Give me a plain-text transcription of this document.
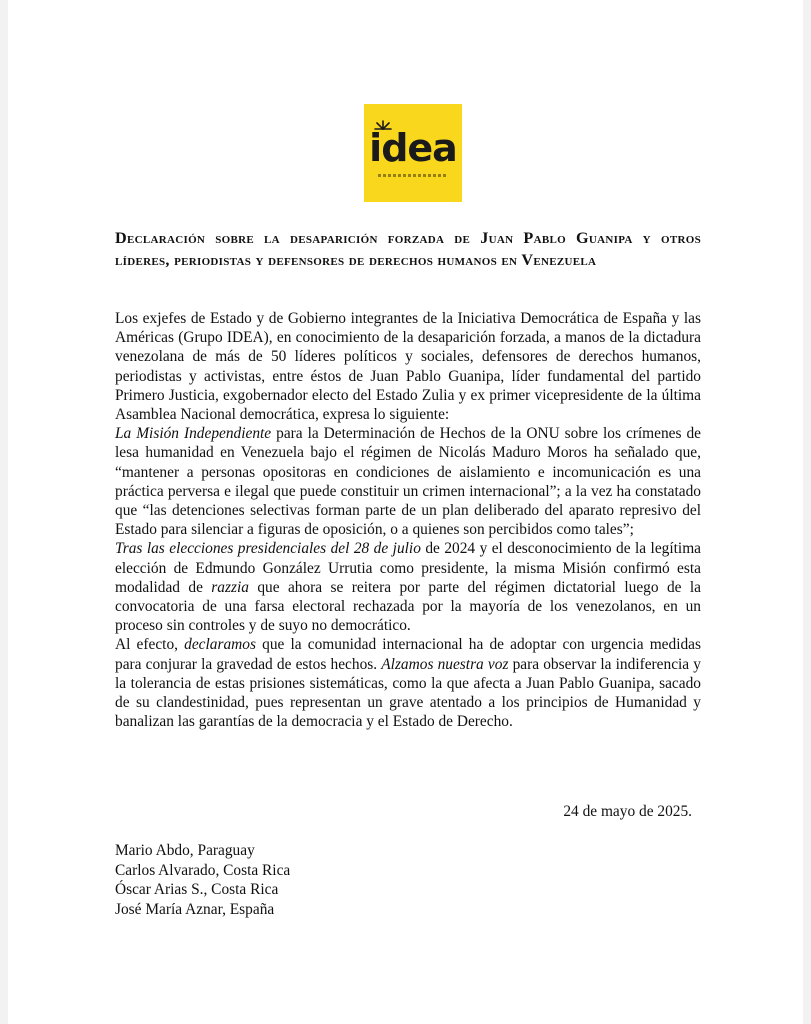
idea
Declaración sobre la desaparición forzada de Juan Pablo Guanipa y otros líderes, periodistas y defensores de derechos humanos en Venezuela

Los exjefes de Estado y de Gobierno integrantes de la Iniciativa Democrática de España y las Américas (Grupo IDEA), en conocimiento de la desaparición forzada, a manos de la dictadura venezolana de más de 50 líderes políticos y sociales, defensores de derechos humanos, periodistas y activistas, entre éstos de Juan Pablo Guanipa, líder fundamental del partido Primero Justicia, exgobernador electo del Estado Zulia y ex primer vicepresidente de la última Asamblea Nacional democrática, expresa lo siguiente:

La Misión Independiente para la Determinación de Hechos de la ONU sobre los crímenes de lesa humanidad en Venezuela bajo el régimen de Nicolás Maduro Moros ha señalado que, “mantener a personas opositoras en condiciones de aislamiento e incomunicación es una práctica perversa e ilegal que puede constituir un crimen internacional”; a la vez ha constatado que “las detenciones selectivas forman parte de un plan deliberado del aparato represivo del Estado para silenciar a figuras de oposición, o a quienes son percibidos como tales”;

Tras las elecciones presidenciales del 28 de julio de 2024 y el desconocimiento de la legítima elección de Edmundo González Urrutia como presidente, la misma Misión confirmó esta modalidad de razzia que ahora se reitera por parte del régimen dictatorial luego de la convocatoria de una farsa electoral rechazada por la mayoría de los venezolanos, en un proceso sin controles y de suyo no democrático.

Al efecto, declaramos que la comunidad internacional ha de adoptar con urgencia medidas para conjurar la gravedad de estos hechos. Alzamos nuestra voz para observar la indiferencia y la tolerancia de estas prisiones sistemáticas, como la que afecta a Juan Pablo Guanipa, sacado de su clandestinidad, pues representan un grave atentado a los principios de Humanidad y banalizan las garantías de la democracia y el Estado de Derecho.

24 de mayo de 2025.
Mario Abdo, Paraguay
Carlos Alvarado, Costa Rica
Óscar Arias S., Costa Rica
José María Aznar, España
